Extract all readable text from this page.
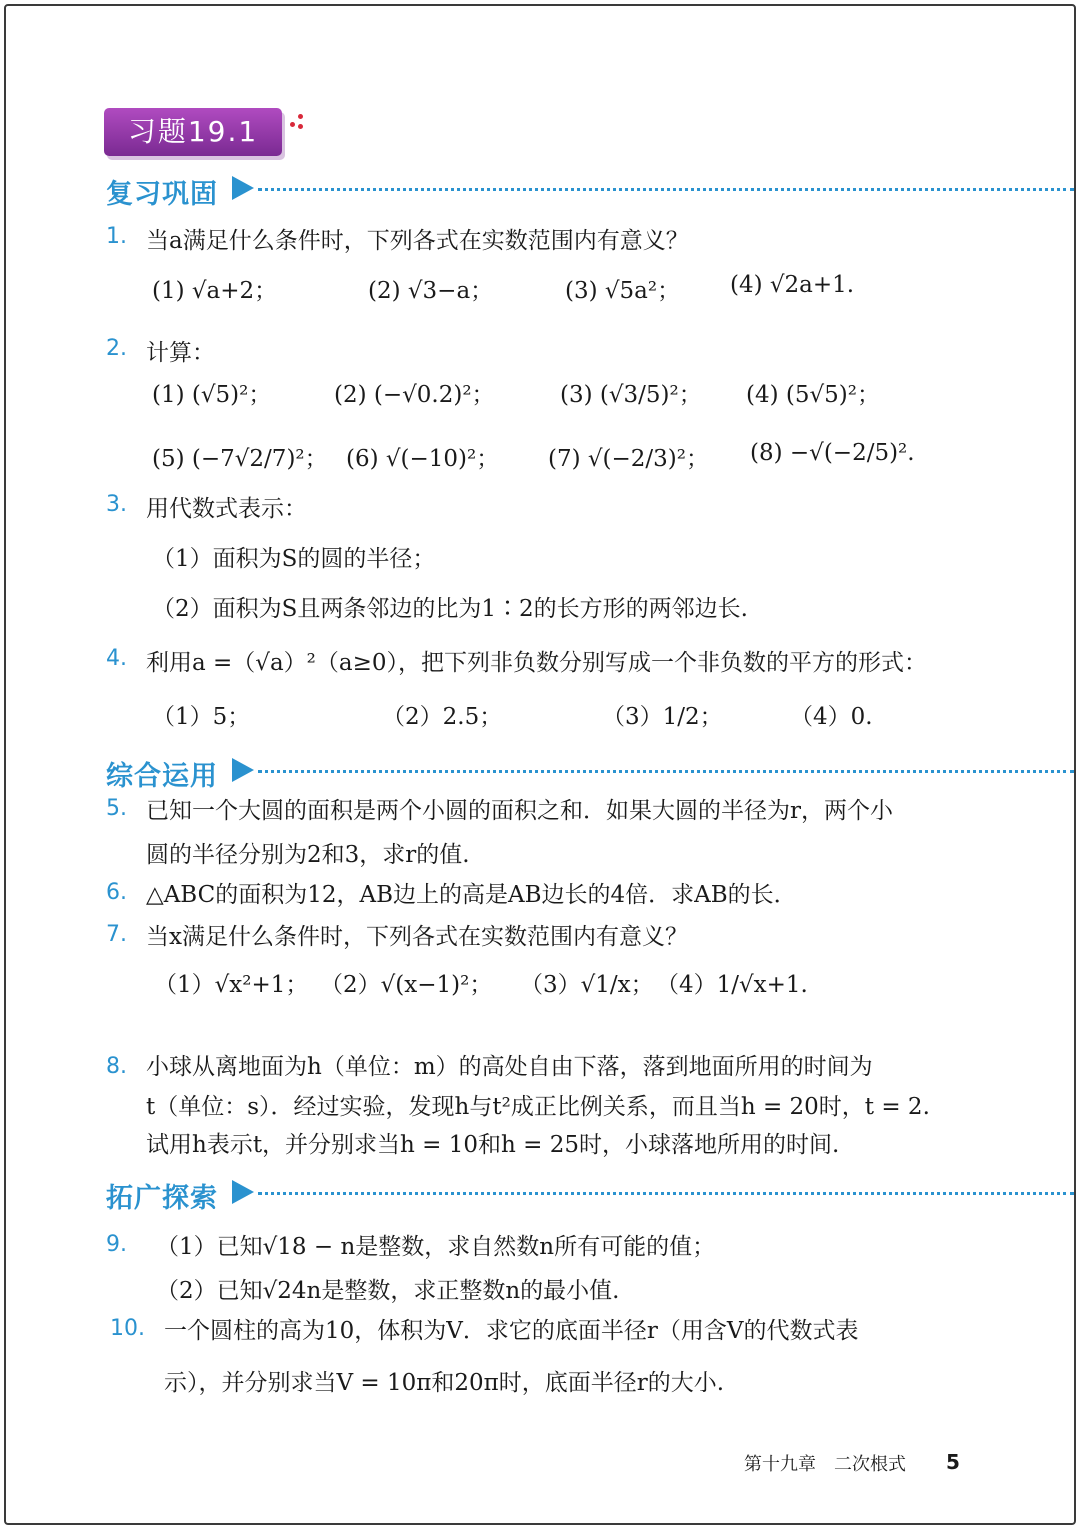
习题19.1
复习巩固
1. 当a满足什么条件时，下列各式在实数范围内有意义？
(1) √a+2；	(2) √3−a；	(3) √5a²； (4) √2a+1.
2. 计算：
(1) (√5)²；	(2) (−√0.2)²；	(3) (√3/5)²； (4) (5√5)²；
(5) (−7√2/7)²； (6) √(−10)²； (7) √(−2/3)²； (8) −√(−2/5)².
3. 用代数式表示：
（1）面积为S的圆的半径；
（2）面积为S且两条邻边的比为1∶2的长方形的两邻边长.
4. 利用a =（√a）²（a≥0），把下列非负数分别写成一个非负数的平方的形式：
（1）5；	（2）2.5；	（3）1/2；	（4）0.
综合运用
5. 已知一个大圆的面积是两个小圆的面积之和．如果大圆的半径为r，两个小
圆的半径分别为2和3，求r的值.
6. △ABC的面积为12，AB边上的高是AB边长的4倍．求AB的长．
7. 当x满足什么条件时，下列各式在实数范围内有意义？
（1）√x²+1； （2）√(x−1)²； （3）√1/x； （4）1/√x+1.
8. 小球从离地面为h（单位：m）的高处自由下落，落到地面所用的时间为
t（单位：s）．经过实验，发现h与t²成正比例关系，而且当h = 20时，t = 2.
试用h表示t，并分别求当h = 10和h = 25时，小球落地所用的时间.
拓广探索
9. （1）已知√18 − n是整数，求自然数n所有可能的值；
（2）已知√24n是整数，求正整数n的最小值.
10. 一个圆柱的高为10，体积为V．求它的底面半径r（用含V的代数式表
示），并分别求当V = 10π和20π时，底面半径r的大小.
第十九章　二次根式 5
